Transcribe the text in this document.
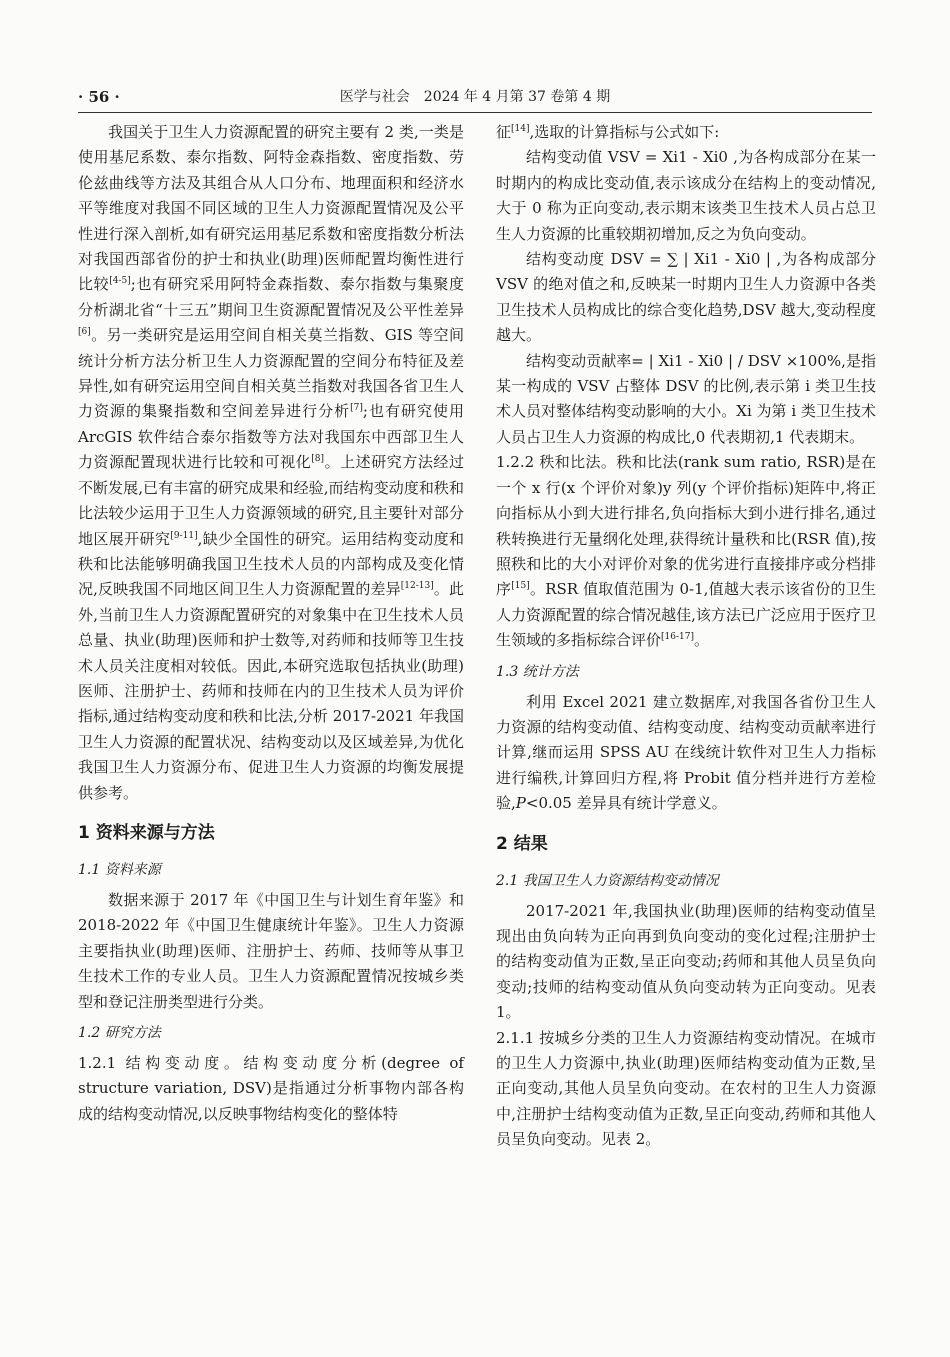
· 56 ·	医学与社会　2024 年 4 月第 37 卷第 4 期

我国关于卫生人力资源配置的研究主要有 2 类,一类是使用基尼系数、泰尔指数、阿特金森指数、密度指数、劳伦兹曲线等方法及其组合从人口分布、地理面积和经济水平等维度对我国不同区域的卫生人力资源配置情况及公平性进行深入剖析,如有研究运用基尼系数和密度指数分析法对我国西部省份的护士和执业(助理)医师配置均衡性进行比较[4-5];也有研究采用阿特金森指数、泰尔指数与集聚度分析湖北省“十三五”期间卫生资源配置情况及公平性差异[6]。另一类研究是运用空间自相关莫兰指数、GIS 等空间统计分析方法分析卫生人力资源配置的空间分布特征及差异性,如有研究运用空间自相关莫兰指数对我国各省卫生人力资源的集聚指数和空间差异进行分析[7];也有研究使用 ArcGIS 软件结合泰尔指数等方法对我国东中西部卫生人力资源配置现状进行比较和可视化[8]。上述研究方法经过不断发展,已有丰富的研究成果和经验,而结构变动度和秩和比法较少运用于卫生人力资源领域的研究,且主要针对部分地区展开研究[9-11],缺少全国性的研究。运用结构变动度和秩和比法能够明确我国卫生技术人员的内部构成及变化情况,反映我国不同地区间卫生人力资源配置的差异[12-13]。此外,当前卫生人力资源配置研究的对象集中在卫生技术人员总量、执业(助理)医师和护士数等,对药师和技师等卫生技术人员关注度相对较低。因此,本研究选取包括执业(助理)医师、注册护士、药师和技师在内的卫生技术人员为评价指标,通过结构变动度和秩和比法,分析 2017-2021 年我国卫生人力资源的配置状况、结构变动以及区域差异,为优化我国卫生人力资源分布、促进卫生人力资源的均衡发展提供参考。

1 资料来源与方法
1.1 资料来源

数据来源于 2017 年《中国卫生与计划生育年鉴》和 2018-2022 年《中国卫生健康统计年鉴》。卫生人力资源主要指执业(助理)医师、注册护士、药师、技师等从事卫生技术工作的专业人员。卫生人力资源配置情况按城乡类型和登记注册类型进行分类。

1.2 研究方法

1.2.1 结构变动度。结构变动度分析(degree of structure variation, DSV)是指通过分析事物内部各构成的结构变动情况,以反映事物结构变化的整体特

征[14],选取的计算指标与公式如下:

结构变动值 VSV = Xi1 - Xi0 ,为各构成部分在某一时期内的构成比变动值,表示该成分在结构上的变动情况,大于 0 称为正向变动,表示期末该类卫生技术人员占总卫生人力资源的比重较期初增加,反之为负向变动。

结构变动度 DSV = ∑ | Xi1 - Xi0 | ,为各构成部分 VSV 的绝对值之和,反映某一时期内卫生人力资源中各类卫生技术人员构成比的综合变化趋势,DSV 越大,变动程度越大。

结构变动贡献率= | Xi1 - Xi0 | / DSV ×100%,是指某一构成的 VSV 占整体 DSV 的比例,表示第 i 类卫生技术人员对整体结构变动影响的大小。Xi 为第 i 类卫生技术人员占卫生人力资源的构成比,0 代表期初,1 代表期末。

1.2.2 秩和比法。秩和比法(rank sum ratio, RSR)是在一个 x 行(x 个评价对象)y 列(y 个评价指标)矩阵中,将正向指标从小到大进行排名,负向指标大到小进行排名,通过秩转换进行无量纲化处理,获得统计量秩和比(RSR 值),按照秩和比的大小对评价对象的优劣进行直接排序或分档排序[15]。RSR 值取值范围为 0-1,值越大表示该省份的卫生人力资源配置的综合情况越佳,该方法已广泛应用于医疗卫生领域的多指标综合评价[16-17]。

1.3 统计方法

利用 Excel 2021 建立数据库,对我国各省份卫生人力资源的结构变动值、结构变动度、结构变动贡献率进行计算,继而运用 SPSS AU 在线统计软件对卫生人力指标进行编秩,计算回归方程,将 Probit 值分档并进行方差检验,P<0.05 差异具有统计学意义。

2 结果
2.1 我国卫生人力资源结构变动情况

2017-2021 年,我国执业(助理)医师的结构变动值呈现出由负向转为正向再到负向变动的变化过程;注册护士的结构变动值为正数,呈正向变动;药师和其他人员呈负向变动;技师的结构变动值从负向变动转为正向变动。见表 1。

2.1.1 按城乡分类的卫生人力资源结构变动情况。在城市的卫生人力资源中,执业(助理)医师结构变动值为正数,呈正向变动,其他人员呈负向变动。在农村的卫生人力资源中,注册护士结构变动值为正数,呈正向变动,药师和其他人员呈负向变动。见表 2。
